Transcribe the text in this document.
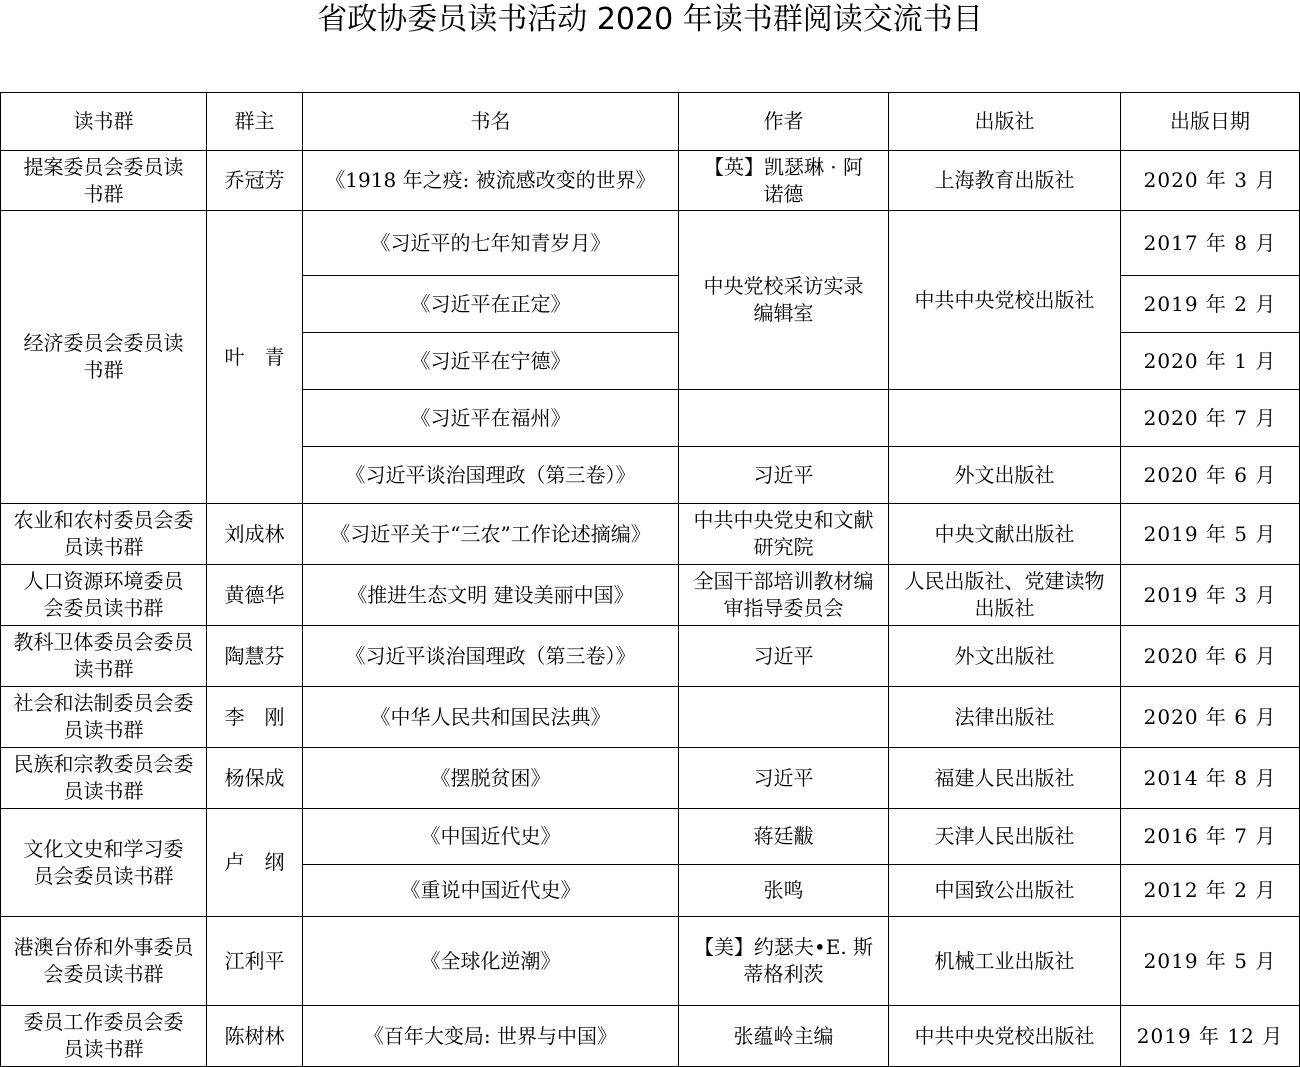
省政协委员读书活动 2020 年读书群阅读交流书目
读书群	群主	书名	作者	出版社	出版日期
提案委员会委员读书群	乔冠芳	《1918 年之疫: 被流感改变的世界》	【英】凯瑟琳 · 阿诺德	上海教育出版社	2020 年 3 月
经济委员会委员读书群	叶　青	《习近平的七年知青岁月》	中央党校采访实录编辑室	中共中央党校出版社	2017 年 8 月
		《习近平在正定》			2019 年 2 月
		《习近平在宁德》			2020 年 1 月
		《习近平在福州》			2020 年 7 月
		《习近平谈治国理政（第三卷）》	习近平	外文出版社	2020 年 6 月
农业和农村委员会委员读书群	刘成林	《习近平关于“三农”工作论述摘编》	中共中央党史和文献研究院	中央文献出版社	2019 年 5 月
人口资源环境委员会委员读书群	黄德华	《推进生态文明 建设美丽中国》	全国干部培训教材编审指导委员会	人民出版社、党建读物出版社	2019 年 3 月
教科卫体委员会委员读书群	陶慧芬	《习近平谈治国理政（第三卷）》	习近平	外文出版社	2020 年 6 月
社会和法制委员会委员读书群	李　刚	《中华人民共和国民法典》		法律出版社	2020 年 6 月
民族和宗教委员会委员读书群	杨保成	《摆脱贫困》	习近平	福建人民出版社	2014 年 8 月
文化文史和学习委员会委员读书群	卢　纲	《中国近代史》	蒋廷黻	天津人民出版社	2016 年 7 月
		《重说中国近代史》	张鸣	中国致公出版社	2012 年 2 月
港澳台侨和外事委员会委员读书群	江利平	《全球化逆潮》	【美】约瑟夫•E. 斯蒂格利茨	机械工业出版社	2019 年 5 月
委员工作委员会委员读书群	陈树林	《百年大变局: 世界与中国》	张蕴岭主编	中共中央党校出版社	2019 年 12 月
